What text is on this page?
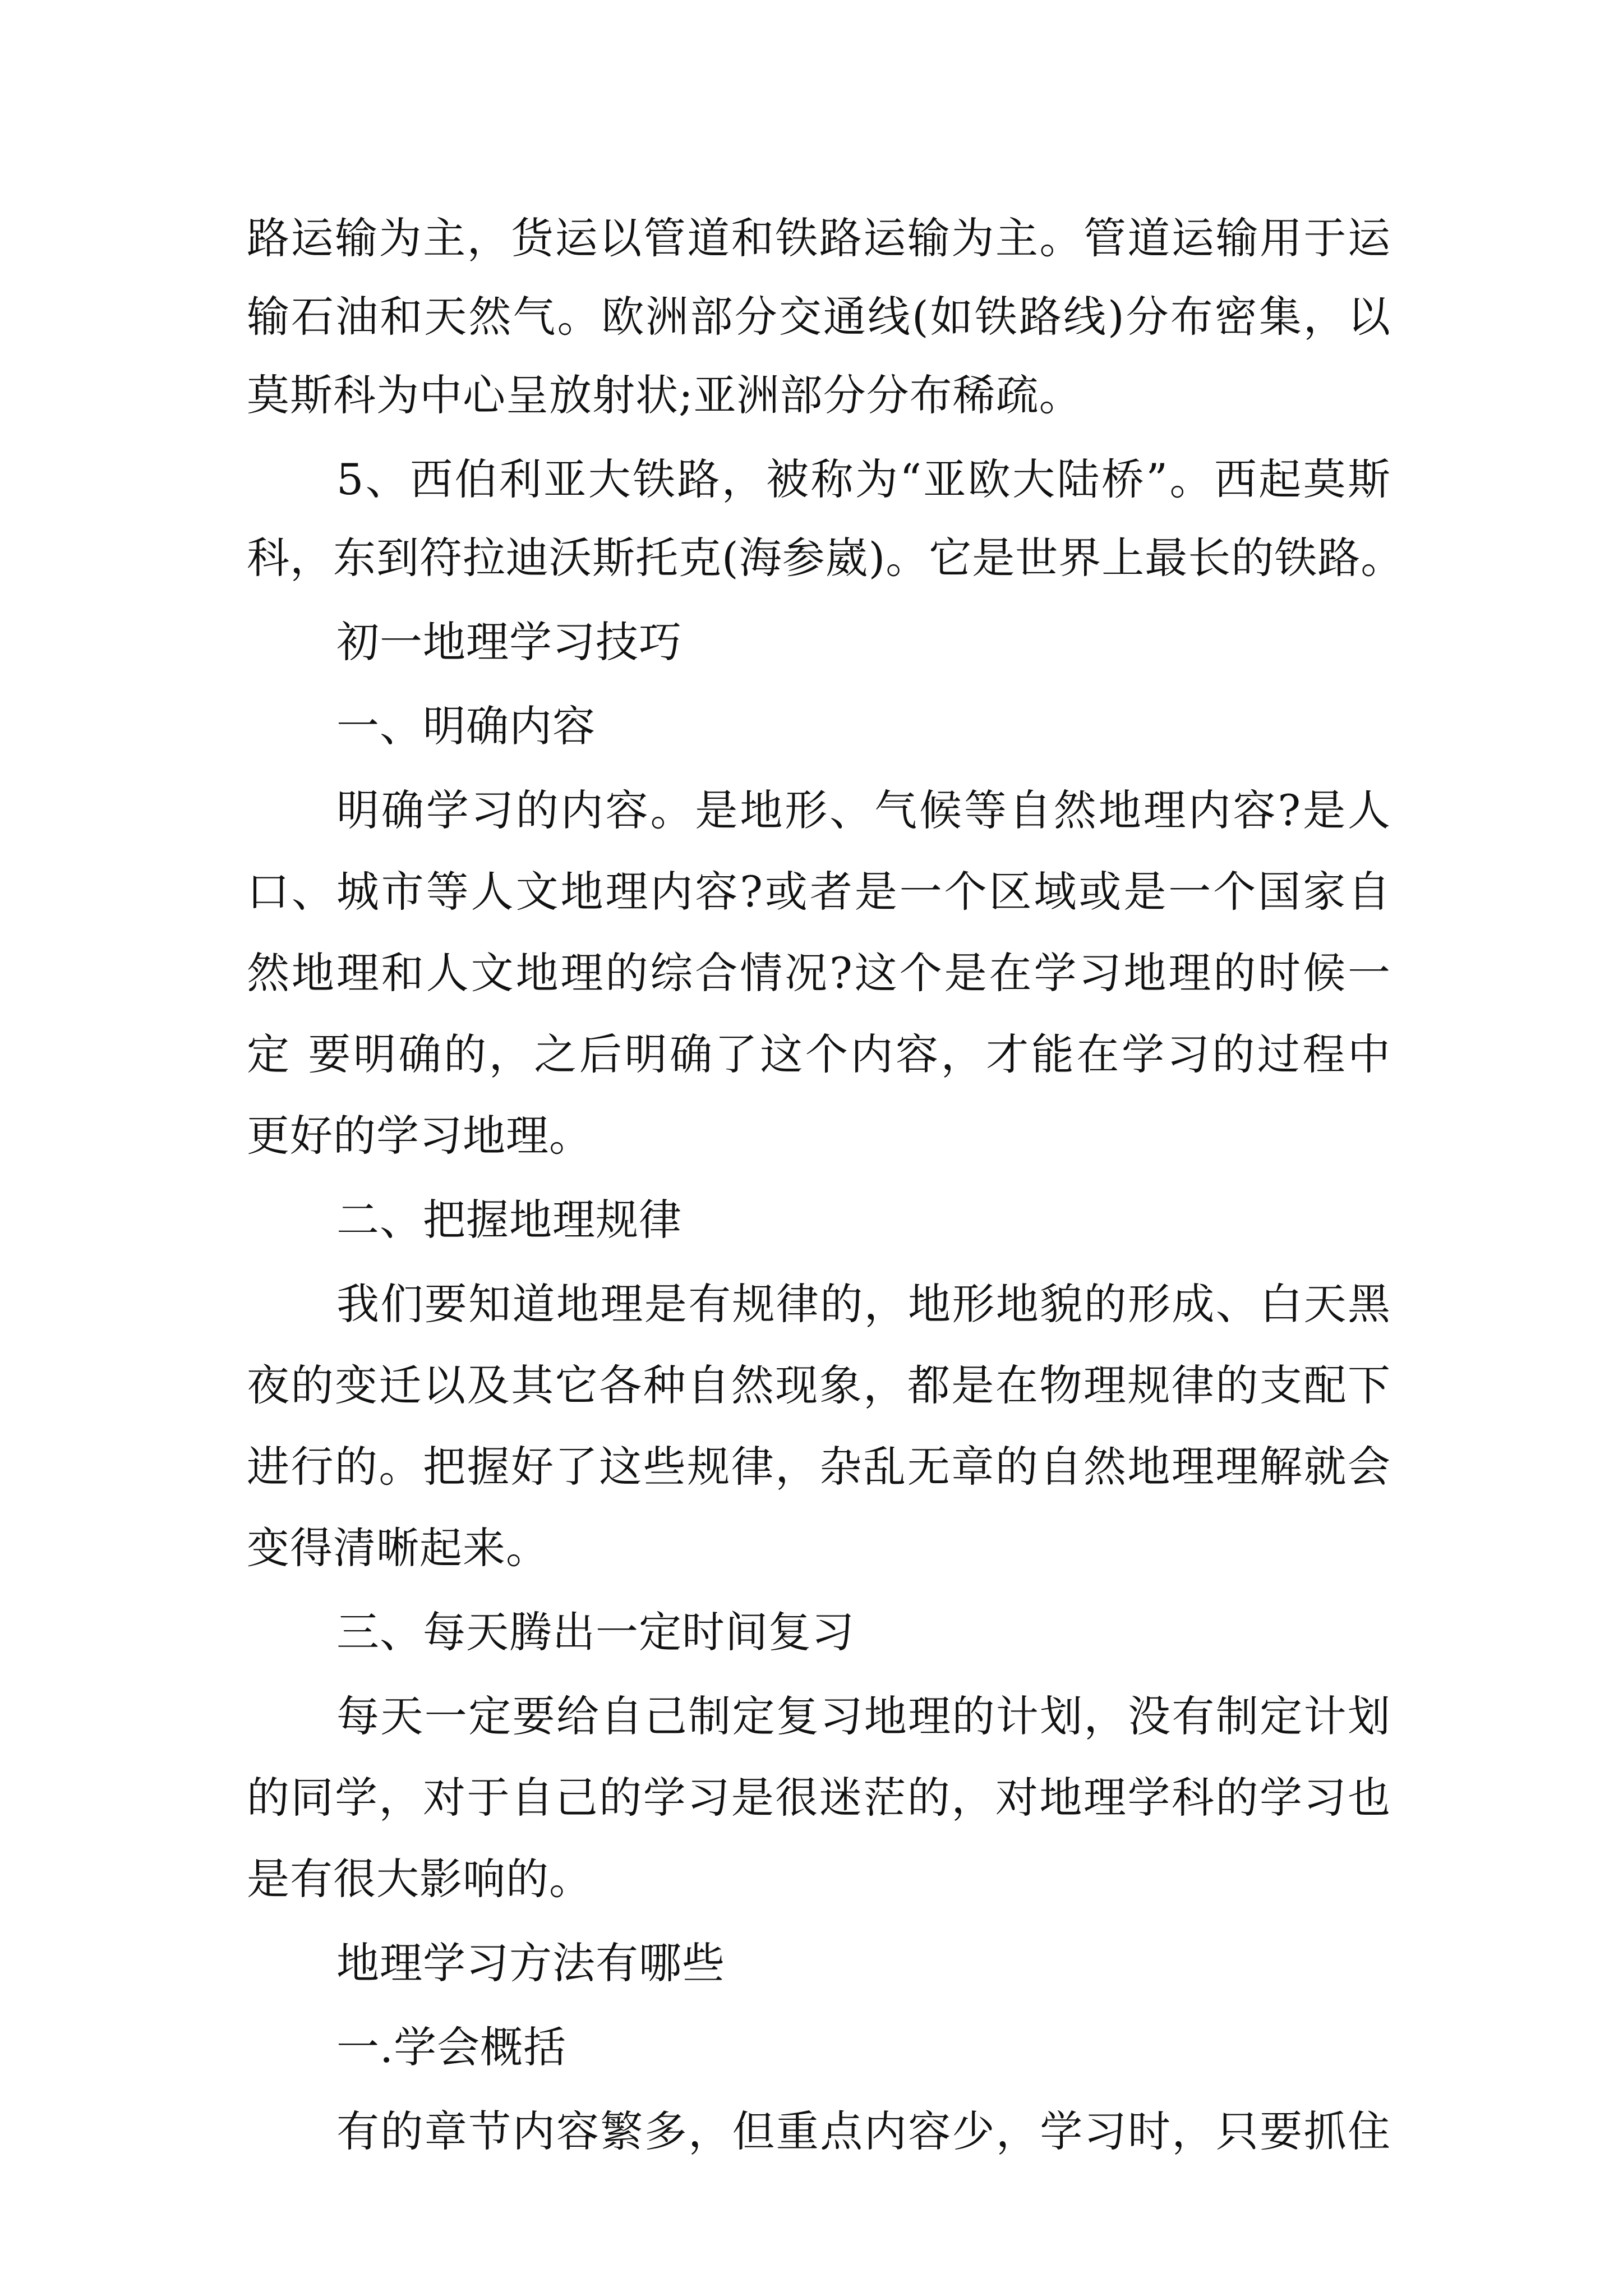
路运输为主，货运以管道和铁路运输为主。管道运输用于运
输石油和天然气。欧洲部分交通线(如铁路线)分布密集，以
莫斯科为中心呈放射状;亚洲部分分布稀疏。
5、西伯利亚大铁路，被称为“亚欧大陆桥”。西起莫斯
科，东到符拉迪沃斯托克(海参崴)。它是世界上最长的铁路。
初一地理学习技巧
一、明确内容
明确学习的内容。是地形、气候等自然地理内容?是人
口、城市等人文地理内容?或者是一个区域或是一个国家自
然地理和人文地理的综合情况?这个是在学习地理的时候一
定 要明确的，之后明确了这个内容，才能在学习的过程中
更好的学习地理。
二、把握地理规律
我们要知道地理是有规律的，地形地貌的形成、白天黑
夜的变迁以及其它各种自然现象，都是在物理规律的支配下
进行的。把握好了这些规律，杂乱无章的自然地理理解就会
变得清晰起来。
三、每天腾出一定时间复习
每天一定要给自己制定复习地理的计划，没有制定计划
的同学，对于自己的学习是很迷茫的，对地理学科的学习也
是有很大影响的。
地理学习方法有哪些
一.学会概括
有的章节内容繁多，但重点内容少，学习时，只要抓住
